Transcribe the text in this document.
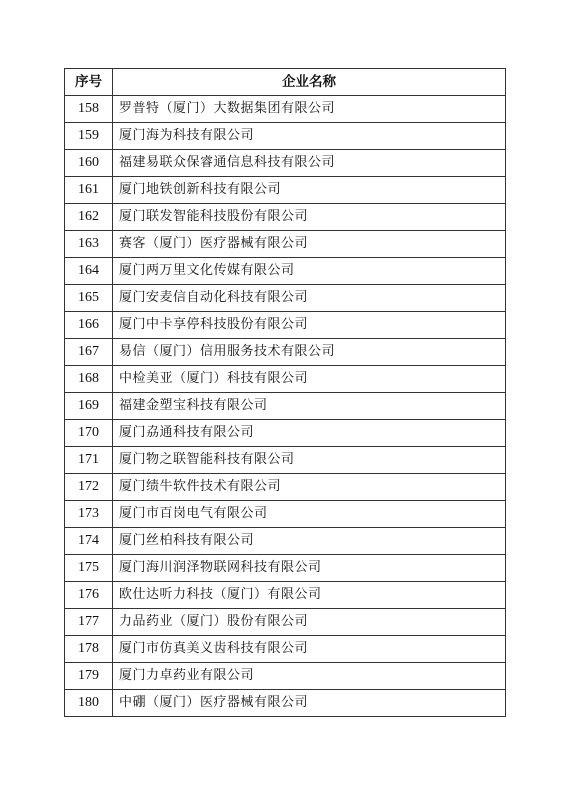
序号	企业名称
158	罗普特（厦门）大数据集团有限公司
159	厦门海为科技有限公司
160	福建易联众保睿通信息科技有限公司
161	厦门地铁创新科技有限公司
162	厦门联发智能科技股份有限公司
163	赛客（厦门）医疗器械有限公司
164	厦门两万里文化传媒有限公司
165	厦门安麦信自动化科技有限公司
166	厦门中卡享停科技股份有限公司
167	易信（厦门）信用服务技术有限公司
168	中检美亚（厦门）科技有限公司
169	福建金塑宝科技有限公司
170	厦门劦通科技有限公司
171	厦门物之联智能科技有限公司
172	厦门绩牛软件技术有限公司
173	厦门市百岗电气有限公司
174	厦门丝柏科技有限公司
175	厦门海川润泽物联网科技有限公司
176	欧仕达听力科技（厦门）有限公司
177	力品药业（厦门）股份有限公司
178	厦门市仿真美义齿科技有限公司
179	厦门力卓药业有限公司
180	中硼（厦门）医疗器械有限公司
